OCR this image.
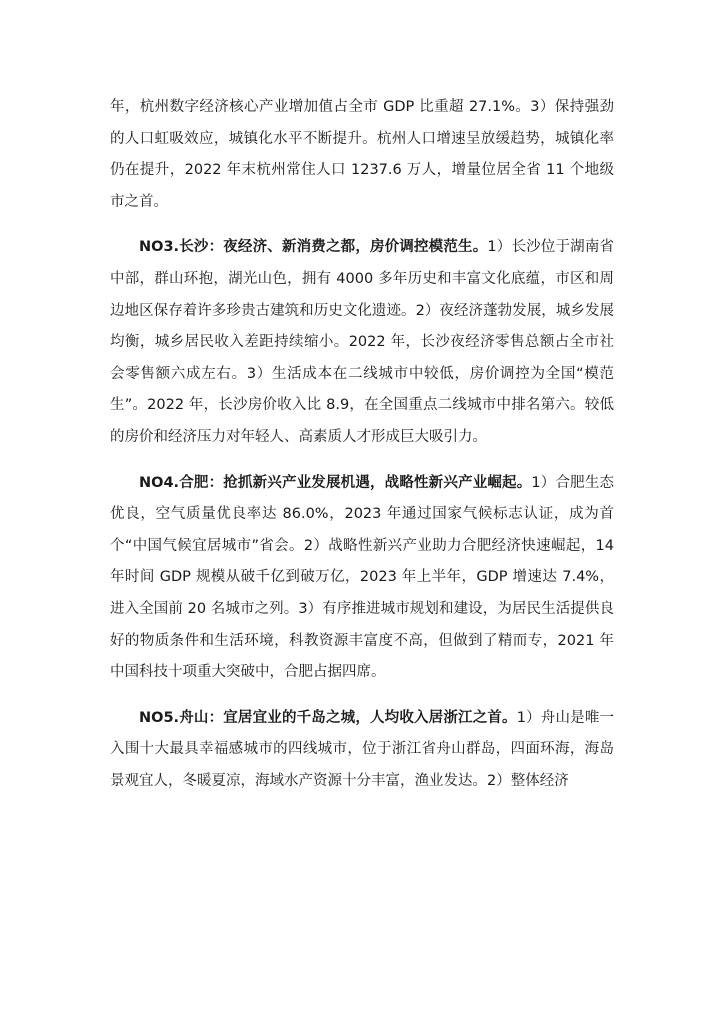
年，杭州数字经济核心产业增加值占全市 GDP 比重超 27.1%。3）保持强劲的人口虹吸效应，城镇化水平不断提升。杭州人口增速呈放缓趋势，城镇化率仍在提升，2022 年末杭州常住人口 1237.6 万人，增量位居全省 11 个地级市之首。

NO3.长沙：夜经济、新消费之都，房价调控模范生。1）长沙位于湖南省中部，群山环抱，湖光山色，拥有 4000 多年历史和丰富文化底蕴，市区和周边地区保存着许多珍贵古建筑和历史文化遗迹。2）夜经济蓬勃发展，城乡发展均衡，城乡居民收入差距持续缩小。2022 年，长沙夜经济零售总额占全市社会零售额六成左右。3）生活成本在二线城市中较低，房价调控为全国“模范生”。2022 年，长沙房价收入比 8.9，在全国重点二线城市中排名第六。较低的房价和经济压力对年轻人、高素质人才形成巨大吸引力。

NO4.合肥：抢抓新兴产业发展机遇，战略性新兴产业崛起。1）合肥生态优良，空气质量优良率达 86.0%，2023 年通过国家气候标志认证，成为首个“中国气候宜居城市”省会。2）战略性新兴产业助力合肥经济快速崛起，14 年时间 GDP 规模从破千亿到破万亿，2023 年上半年，GDP 增速达 7.4%，进入全国前 20 名城市之列。3）有序推进城市规划和建设，为居民生活提供良好的物质条件和生活环境，科教资源丰富度不高，但做到了精而专，2021 年中国科技十项重大突破中，合肥占据四席。

NO5.舟山：宜居宜业的千岛之城，人均收入居浙江之首。1）舟山是唯一入围十大最具幸福感城市的四线城市，位于浙江省舟山群岛，四面环海，海岛景观宜人，冬暖夏凉，海域水产资源十分丰富，渔业发达。2）整体经济
